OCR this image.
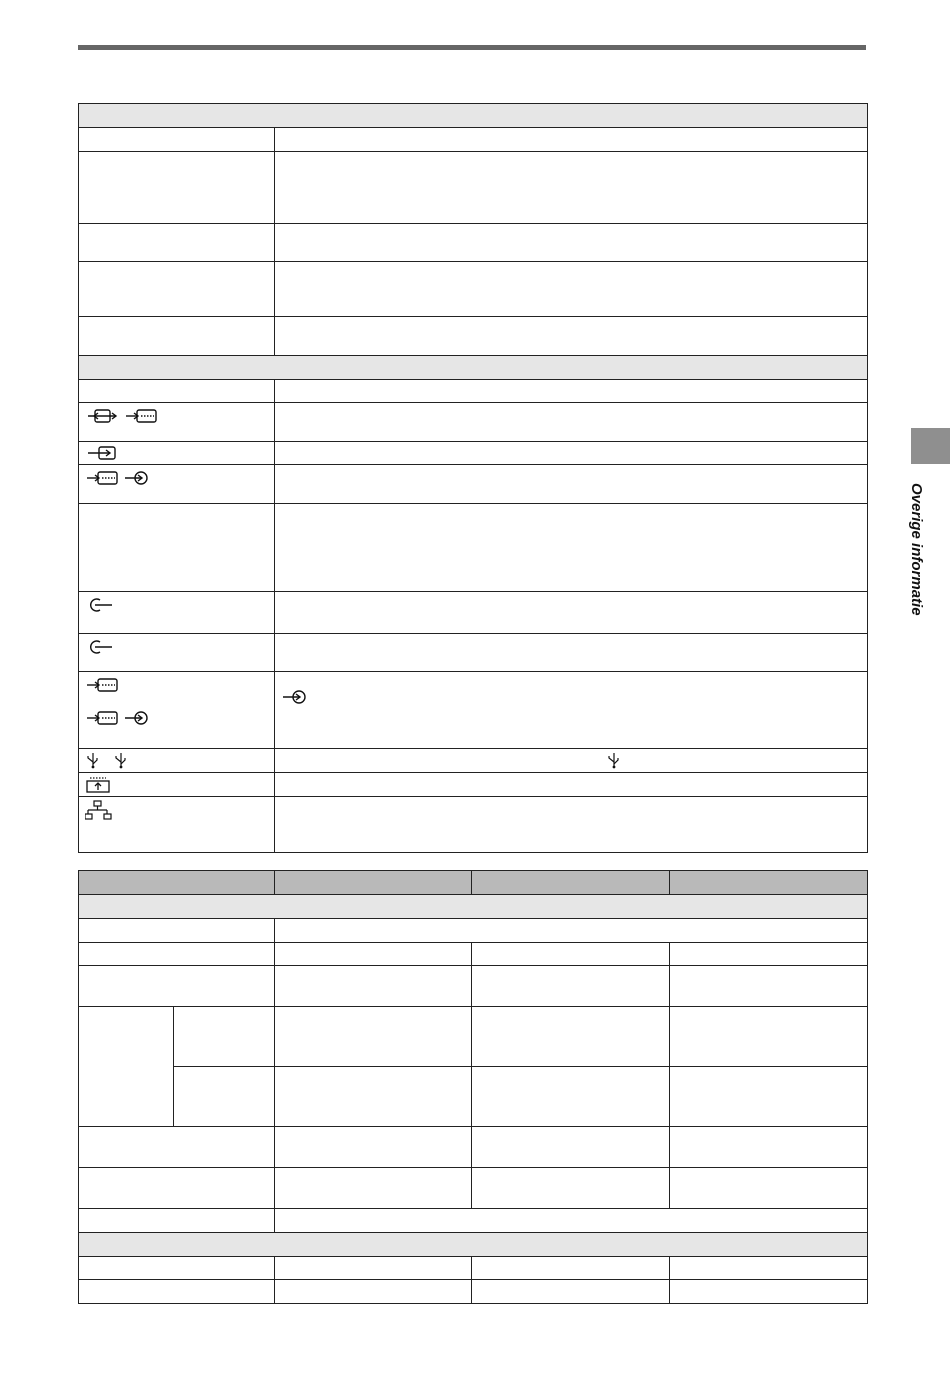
Overige informatie
